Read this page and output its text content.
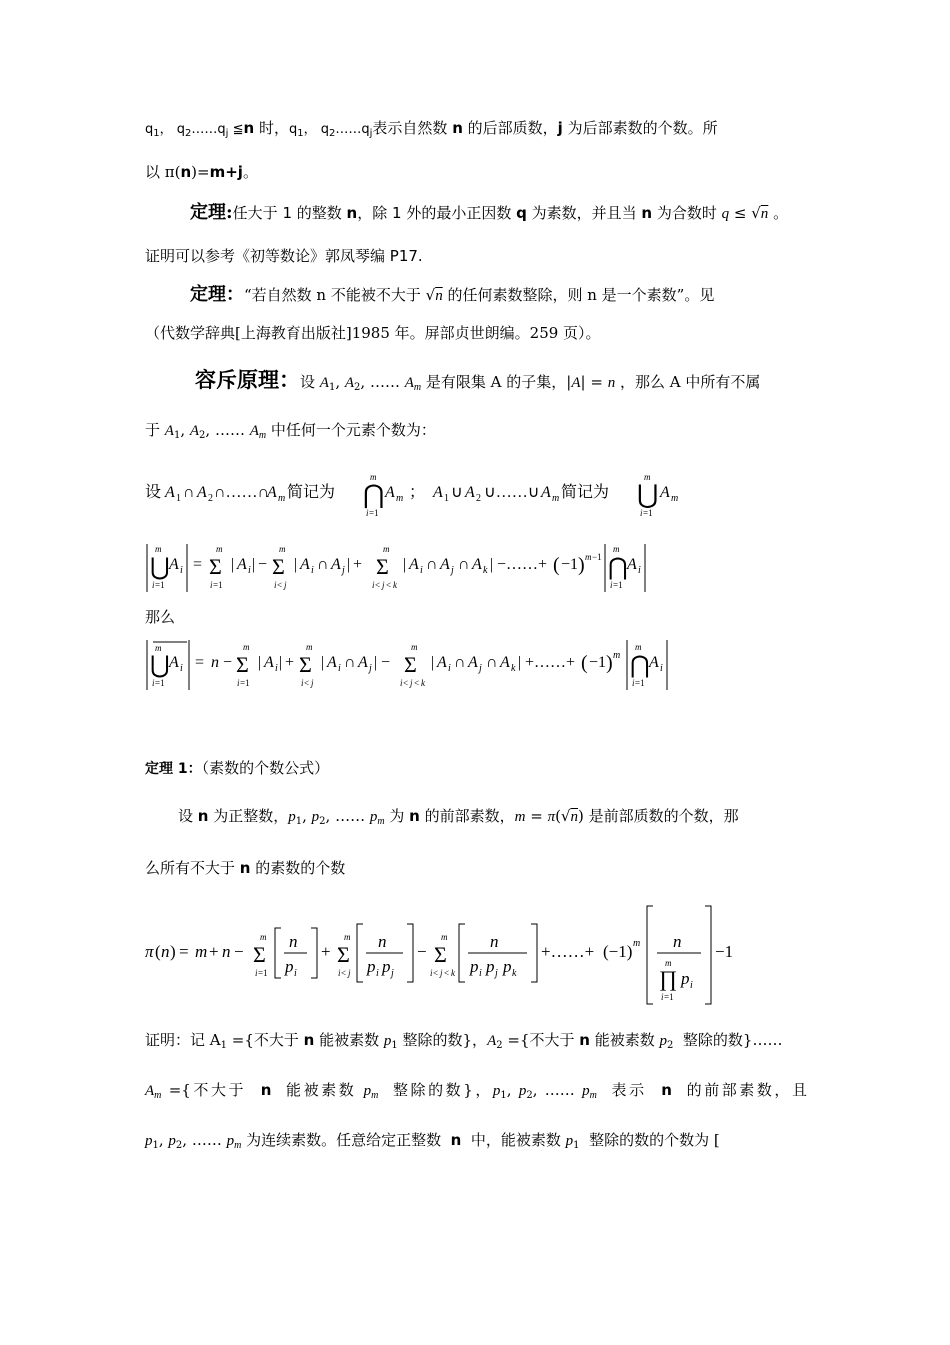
$q_1$， $q_2\dots\dots q_j$ ≦n 时，$q_1$， $q_2\dots\dots q_j$表示自然数 n 的后部质数，j 为后部素数的个数。所
以 π(n)=m+j。
定理:任大于 1 的整数 n，除 1 外的最小正因数 q 为素数，并且当 n 为合数时 q ≤ √n 。
证明可以参考《初等数论》郭凤琴编 P17.
定理：“若自然数 n 不能被不大于 √n 的任何素数整除，则 n 是一个素数”。见
（代数学辞典[上海教育出版社]1985 年。屏部贞世朗编。259 页）。
容斥原理：设 $A_1$, $A_2$, …… $A_m$ 是有限集 A 的子集，|A| = n ，那么 A 中所有不属
于 $A_1$, $A_2$, …… $A_m$ 中任何一个元素个数为：
设 A 1 ∩ A 2 ∩……∩
A m 简记为
m
⋂
i =1
A m ； A 1 ∪ A 2 ∪……∪ A m 简记为
m
⋃
i =1
A m
m
⋃
i =1
A i =
m
Σ
i =1
| A i | −
m
Σ
i < j
| A i ∩ A j | +
m
Σ
i < j < k
| A i ∩ A j ∩ A k | −……+ ( −1 ) m −1
m
⋂
i =1
A i
那么
m
⋃
i =1
A i = n −
m
Σ
i =1
| A i | +
m
Σ
i < j
| A i ∩ A j | −
m
Σ
i < j < k
| A i ∩ A j ∩ A k | +……+ ( −1 ) m
m
⋂
i =1
A i
定理 1：（素数的个数公式）
设 n 为正整数，$p_1$, $p_2$, …… $p_m$ 为 n 的前部素数，m = π(√n) 是前部质数的个数，那
么所有不大于 n 的素数的个数
π ( n ) = m + n −
m
Σ
i =1
n
p i
+
m
Σ
i < j
n
p i p j
−
m
Σ
i < j < k
n
p i p j p k
+……+ (−1) m n
m
∏ p i
i =1
−1
证明：记 $A_1$ ={不大于 n 能被素数 $p_1$ 整除的数}，$A_2$ ={不大于 n 能被素数 $p_2$  整除的数}……
$A_m$ ={不大于  n  能被素数 $p_m$  整除的数}，$p_1$, $p_2$, …… $p_m$  表示  n  的前部素数，且
$p_1$, $p_2$, …… $p_m$ 为连续素数。任意给定正整数  n  中，能被素数 $p_1$  整除的数的个数为 [
